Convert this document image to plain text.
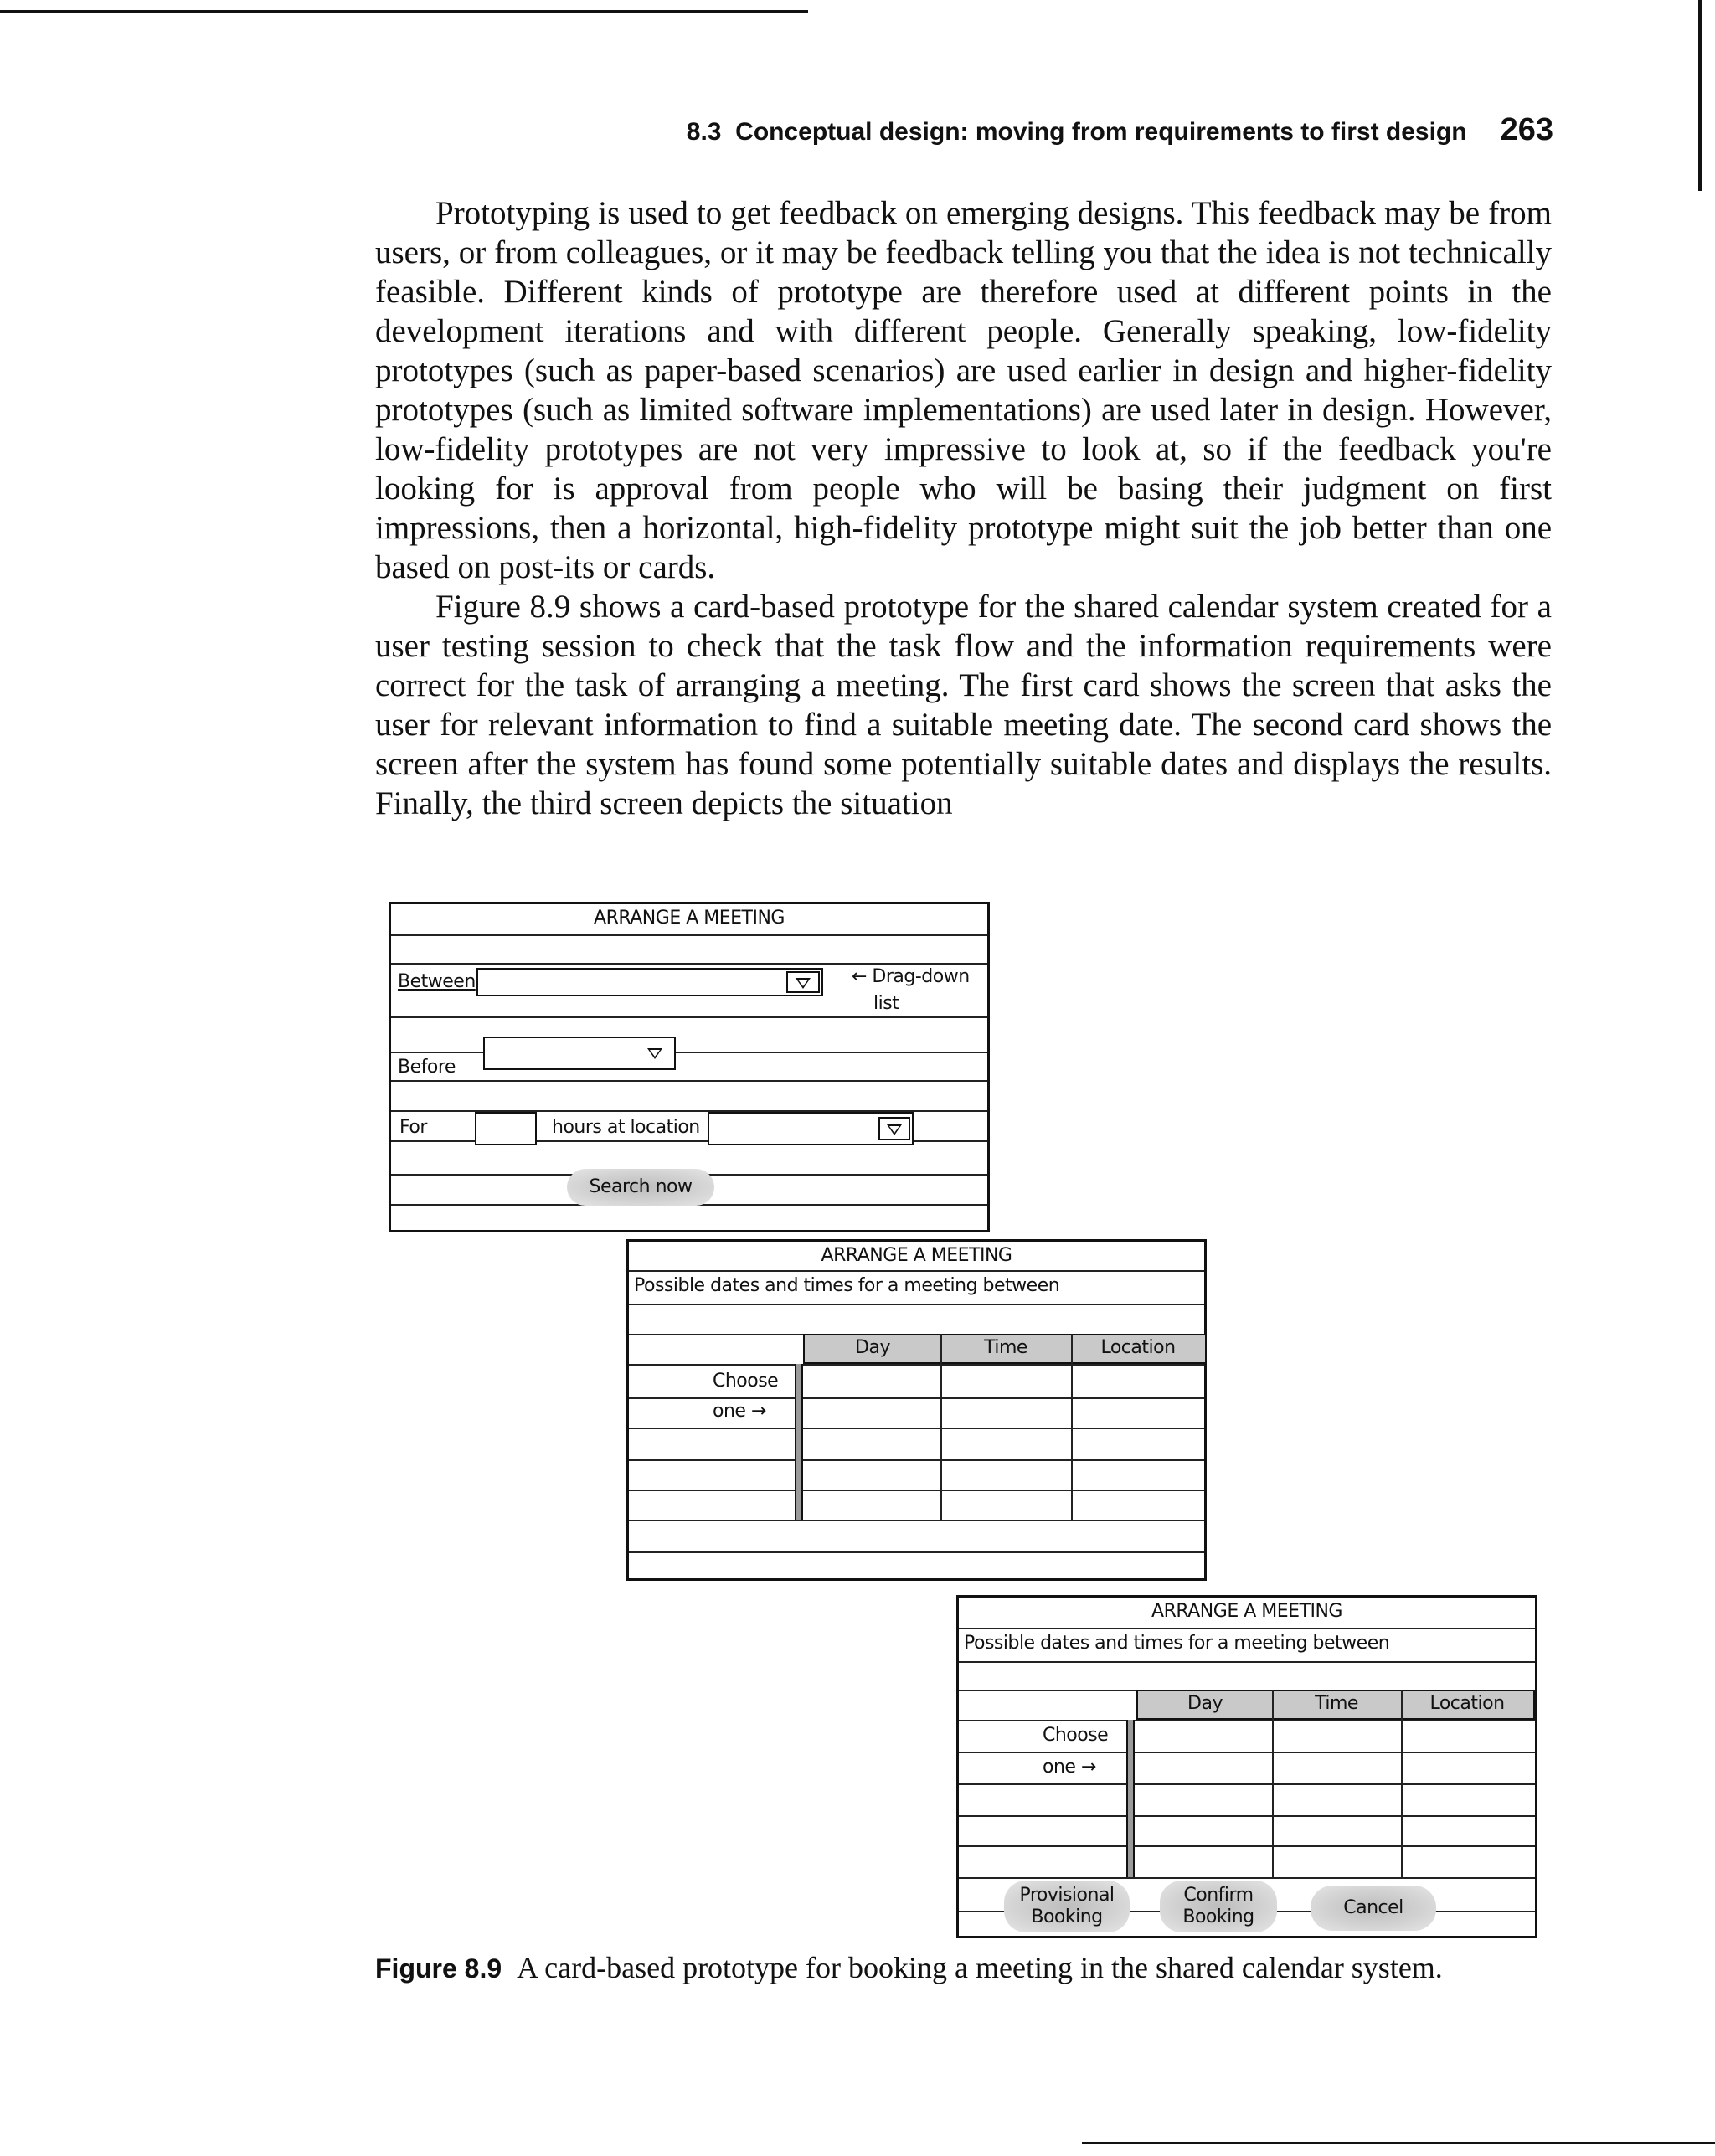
8.3
Conceptual design: moving from requirements to first design 263

Prototyping is used to get feedback on emerging designs. This feedback may be from users, or from colleagues, or it may be feedback telling you that the idea is not technically feasible. Different kinds of prototype are therefore used at different points in the development iterations and with different people. Generally speaking, low-fidelity prototypes (such as paper-based scenarios) are used earlier in design and higher-fidelity prototypes (such as limited software implementations) are used later in design. However, low-fidelity prototypes are not very impressive to look at, so if the feedback you're looking for is approval from people who will be basing their judgment on first impressions, then a horizontal, high-fidelity prototype might suit the job better than one based on post-its or cards.

Figure 8.9 shows a card-based prototype for the shared calendar system created for a user testing session to check that the task flow and the information requirements were correct for the task of arranging a meeting. The first card shows the screen that asks the user for relevant information to find a suitable meeting date. The second card shows the screen after the system has found some potentially suitable dates and displays the results. Finally, the third screen depicts the situation

ARRANGE A MEETING
Between	← Drag-down
list
Before
For	hours at location
Search now
ARRANGE A MEETING
Possible dates and times for a meeting between
Day	Time	Location
Choose
one →
ARRANGE A MEETING
Possible dates and times for a meeting between
Day	Time	Location
Choose
one →
Provisional
Booking
Confirm
Booking	Cancel
Figure 8.9 A card-based prototype for booking a meeting in the shared calendar system.
